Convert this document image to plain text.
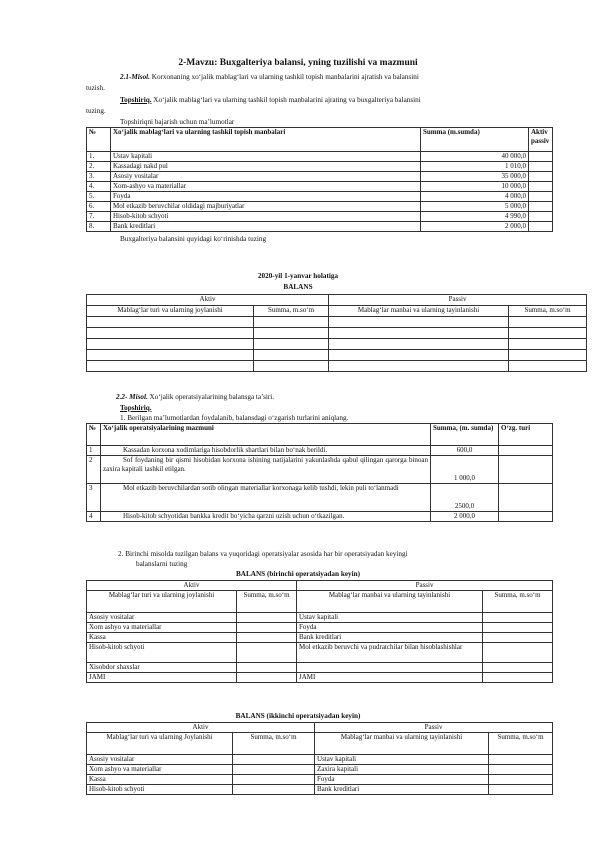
2-Mavzu: Buxgalteriya balansi, yning tuzilishi va mazmuni
2.1-Misol. Korxonaning xo‘jalik mablag‘lari va ularning tashkil topish manbalarini ajratish va balansini
tuzish.
Topshiriq. Xo‘jalik mablag‘lari va ularning tashkil topish manbalarini ajrating va buxgalteriya balansini
tuzing.
Topshiriqni bajarish uchun ma’lumotlar
№	Xo‘jalik mablag‘lari va ularning tashkil topish manbalari	Summa (m.sumda)	Aktiv passiv
1.	Ustav kapitali	40 000,0	
2.	Kassadagi nakd pul	1 010,0	
3.	Asosiy vositalar	35 000,0	
4.	Xom-ashyo va materiallar	10 000,0	
5.	Foyda	4 000,0	
6.	Mol etkazib beruvchilar oldidagi majburiyatlar	5 000,0	
7.	Hisob-kitob schyoti	4 990,0	
8.	Bank kreditlari	2 000,0	
Buxgalteriya balansini quyidagi ko‘rinishda tuzing
2020-yil 1-yanvar holatiga
BALANS
Aktiv		Passiv	
Mablag‘lar turi va ularning joylanishi	Summa, m.so‘m	Mablag‘lar manbai va ularning tayinlanishi	Summa, m.so‘m

2.2- Misol. Xo‘jalik operatsiyalarining balansga ta’siri.
Topshiriq.
1. Berilgan ma’lumotlardan foydalanib, balansdagi o‘zgarish turlarini aniqlang.
№	Xo‘jalik operatsiyalarining mazmuni	Summa, (m. sumda)	O‘zg. turi
1	Kassadan korxona xodimlariga hisobdorlik shartlari bilan bo‘nak berildi.	600,0	
2	Sof foydaning bir qismi hisobidan korxona ishining natijalarini yakunlashda qabul qilingan qarorga binoan zaxira kapitali tashkil etilgan.	1 000,0	
3	Mol etkazib beruvchilardan sotib olingan materiallar korxonaga kelib tushdi, lekin puli to‘lanmadi	2500,0	
4	Hisob-kitob schyotidan bankka kredit bo‘yicha qarzni uzish uchun o‘tkazilgan.	2 000,0	
2. Birinchi misolda tuzilgan balans va yuqoridagi operatsiyalar asosida har bir operatsiyadan keyingi
balanslarni tuzing
BALANS (birinchi operatsiyadan keyin)
Aktiv		Passiv	
Mablag‘lar turi va ularning joylanishi	Summa, m.so‘m	Mablag‘lar manbai va ularning tayinlanishi	Summa, m.so‘m
Asosiy vositalar		Ustav kapitali	
Xom ashyo va materiallar		Foyda	
Kassa		Bank kreditlari	
Hisob-kitob schyoti		Mol etkazib beruvchi va pudratchilar bilan hisoblashishlar	
Xisobdor shaxslar			
JAMI		JAMI	
BALANS (ikkinchi operatsiyadan keyin)
Aktiv		Passiv	
Mablag‘lar turi va ularning Joylanishi	Summa, m.so‘m	Mablag‘lar manbai va ularning tayinlanishi	Summa, m.so‘m
Asosiy vositalar		Ustav kapitali	
Xom ashyo va materiallar		Zaxira kapitali	
Kassa		Foyda	
Hisob-kitob schyoti		Bank kreditlari	
